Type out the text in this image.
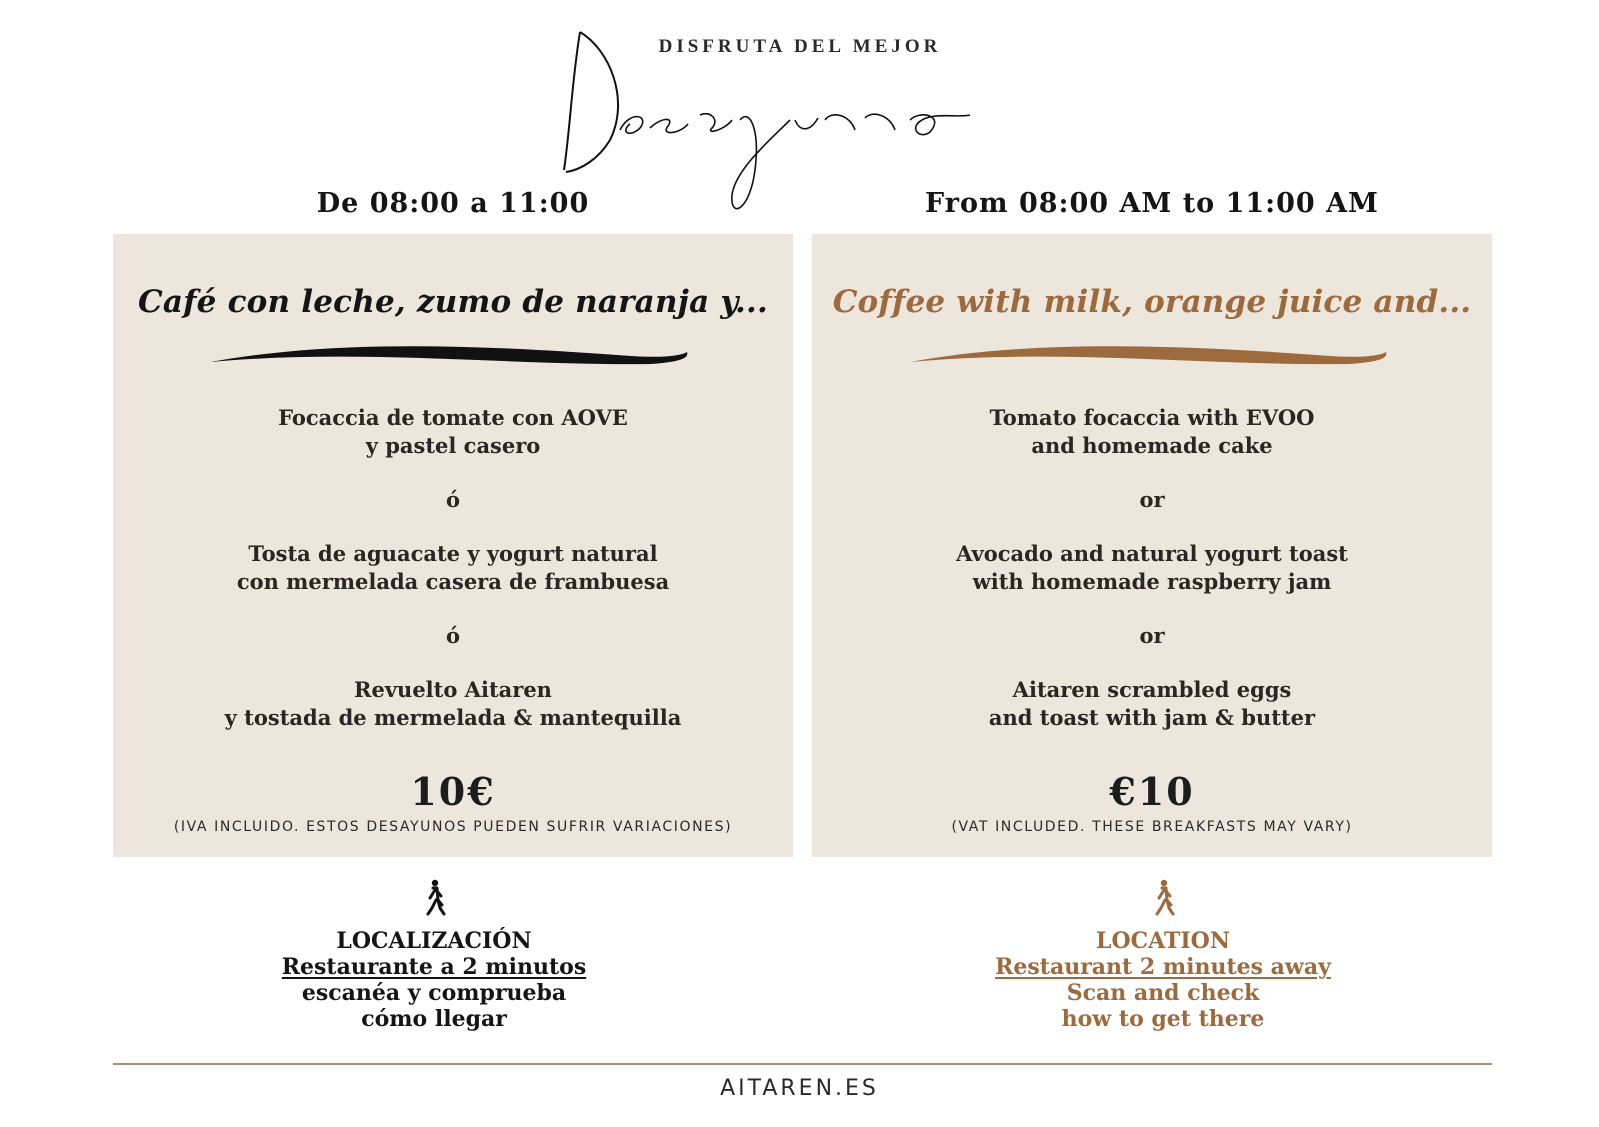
DISFRUTA DEL MEJOR
De 08:00 a 11:00	From 08:00 AM to 11:00 AM
Café con leche, zumo de naranja y...
Focaccia de tomate con AOVE
y pastel casero
ó
Tosta de aguacate y yogurt natural
con mermelada casera de frambuesa
ó
Revuelto Aitaren
y tostada de mermelada & mantequilla
10€
(IVA INCLUIDO. ESTOS DESAYUNOS PUEDEN SUFRIR VARIACIONES)
Coffee with milk, orange juice and...
Tomato focaccia with EVOO
and homemade cake
or
Avocado and natural yogurt toast
with homemade raspberry jam
or
Aitaren scrambled eggs
and toast with jam & butter
€10
(VAT INCLUDED. THESE BREAKFASTS MAY VARY)
LOCALIZACIÓN
Restaurante a 2 minutos
escanéa y comprueba
cómo llegar
LOCATION
Restaurant 2 minutes away
Scan and check
how to get there
AITAREN.ES
